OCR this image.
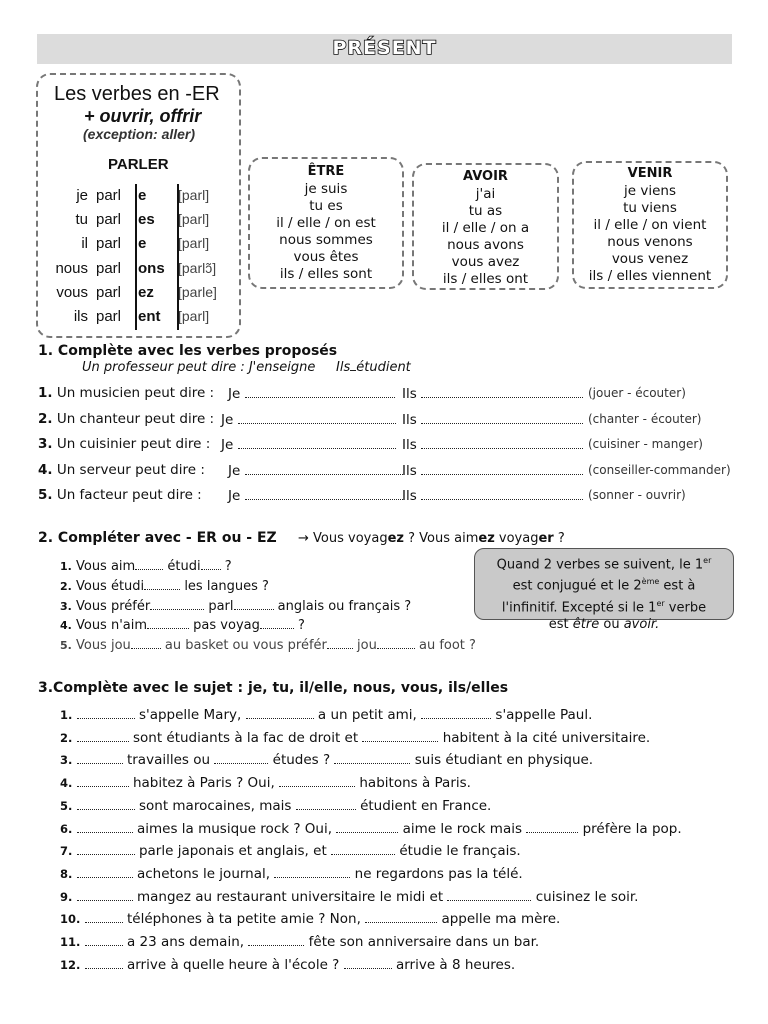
PRÉSENT
Les verbes en -ER
+ ouvrir, offrir
(exception: aller)
PARLER
je parl e [parl]
tu parl es [parl]
il parl e [parl]
nous parl ons [parlɔ̃]
vous parl ez [parle]
ils parl ent [parl]
ÊTRE
je suis
tu es
il / elle / on est
nous sommes
vous êtes
ils / elles sont
AVOIR
j'ai
tu as
il / elle / on a
nous avons
vous avez
ils / elles ont
VENIR
je viens
tu viens
il / elle / on vient
nous venons
vous venez
ils / elles viennent
1. Complète avec les verbes proposés
Un professeur peut dire : J'enseigne Ils étudient
1. Un musicien peut dire : Je	Ils	(jouer - écouter)
2. Un chanteur peut dire : Je	Ils	(chanter - écouter)
3. Un cuisinier peut dire : Je	Ils	(cuisiner - manger)
4. Un serveur peut dire : Je	Ils	(conseiller-commander)
5. Un facteur peut dire : Je	Ils	(sonner - ouvrir)
2. Compléter avec - ER ou - EZ → Vous voyagez ? Vous aimez voyager ?
1. Vous aim étudi ?
2. Vous étudi	les langues ?
3. Vous préfér	parl	anglais ou français ?
4. Vous n'aim	pas voyag	?
5. Vous jou	au basket ou vous préfér jou	au foot ?
Quand 2 verbes se suivent, le 1er
est conjugué et le 2ème est à
l'infinitif. Excepté si le 1er verbe
est être ou avoir.
3.Complète avec le sujet : je, tu, il/elle, nous, vous, ils/elles
1.	s'appelle Mary,	a un petit ami,	s'appelle Paul.
2.	sont étudiants à la fac de droit et	habitent à la cité universitaire.
3.	travailles ou	études ?	suis étudiant en physique.
4.	habitez à Paris ? Oui,	habitons à Paris.
5.	sont marocaines, mais	étudient en France.
6.	aimes la musique rock ? Oui,	aime le rock mais	préfère la pop.
7.	parle japonais et anglais, et	étudie le français.
8.	achetons le journal,	ne regardons pas la télé.
9.	mangez au restaurant universitaire le midi et	cuisinez le soir.
10.	téléphones à ta petite amie ? Non,	appelle ma mère.
11.	a 23 ans demain,	fête son anniversaire dans un bar.
12.	arrive à quelle heure à l'école ?	arrive à 8 heures.
